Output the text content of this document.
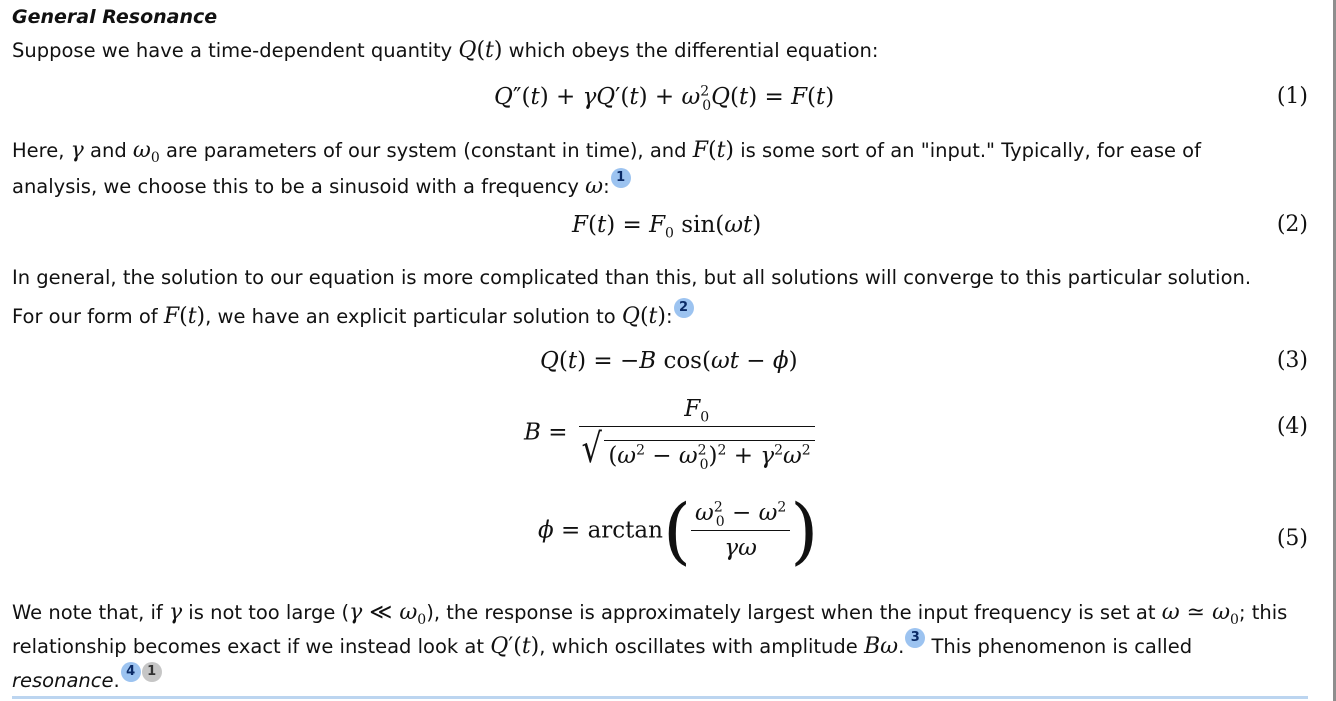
General Resonance
Suppose we have a time-dependent quantity Q(t) which obeys the differential equation:
$Q''(t) + \gamma Q'(t) + \omega^2_0Q(t) = F(t)$	(1)
Here, γ and $\omega_0$ are parameters of our system (constant in time), and F(t) is some sort of an "input." Typically, for ease of
analysis, we choose this to be a sinusoid with a frequency ω: 1
$F(t) = F_0$ sin(ωt)	(2)
In general, the solution to our equation is more complicated than this, but all solutions will converge to this particular solution.
For our form of F(t), we have an explicit particular solution to Q(t): 2
Q(t) = −B cos(ωt − ϕ)	(3)
B =
$F_0$
√ $(\omega^2 - \omega^2_0)^2 + \gamma^2\omega^2$
(4)
$\phi = \arctan( \frac{\omega^2_0 - \omega^2}{\gamma\omega}$ )	(5)
We note that, if γ is not too large (γ ≪ $\omega_0$), the response is approximately largest when the input frequency is set at ω ≃ $\omega_0$; this
relationship becomes exact if we instead look at Q′(t), which oscillates with amplitude Bω. 3 This phenomenon is called
resonance. 4 1
